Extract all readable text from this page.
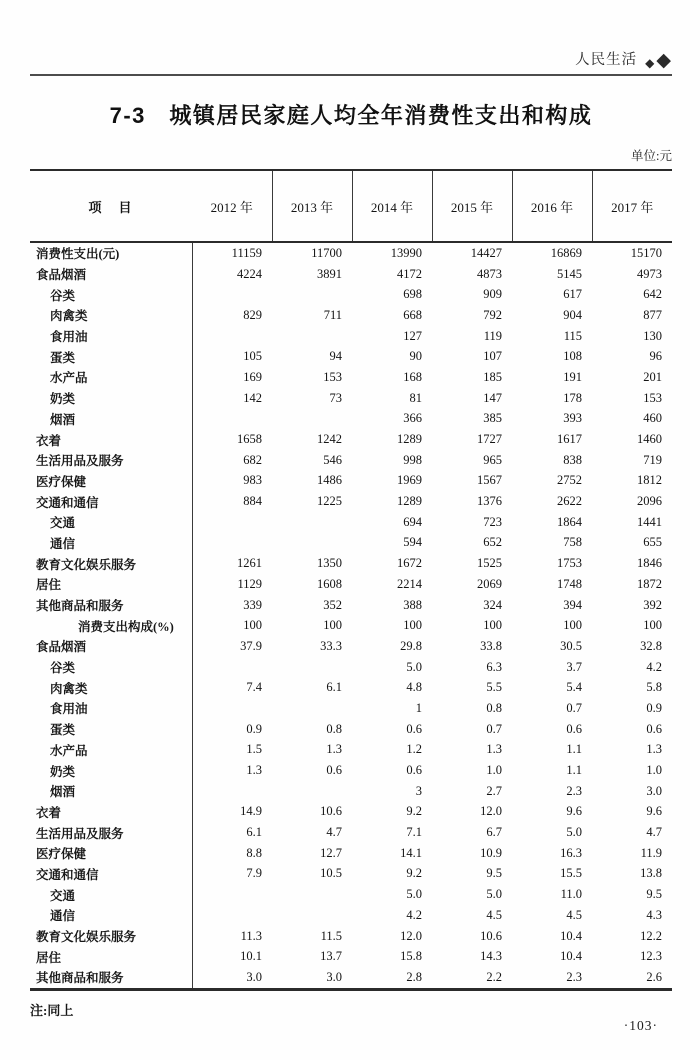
人民生活 ◆ ◆
7-3　城镇居民家庭人均全年消费性支出和构成
单位:元
项　目	2012 年	2013 年	2014 年	2015 年	2016 年	2017 年
消费性支出(元)	11159	11700	13990	14427	16869	15170
食品烟酒	4224	3891	4172	4873	5145	4973
谷类			698	909	617	642
肉禽类	829	711	668	792	904	877
食用油			127	119	115	130
蛋类	105	94	90	107	108	96
水产品	169	153	168	185	191	201
奶类	142	73	81	147	178	153
烟酒			366	385	393	460
衣着	1658	1242	1289	1727	1617	1460
生活用品及服务	682	546	998	965	838	719
医疗保健	983	1486	1969	1567	2752	1812
交通和通信	884	1225	1289	1376	2622	2096
交通			694	723	1864	1441
通信			594	652	758	655
教育文化娱乐服务	1261	1350	1672	1525	1753	1846
居住	1129	1608	2214	2069	1748	1872
其他商品和服务	339	352	388	324	394	392
消费支出构成(%)	100	100	100	100	100	100
食品烟酒	37.9	33.3	29.8	33.8	30.5	32.8
谷类			5.0	6.3	3.7	4.2
肉禽类	7.4	6.1	4.8	5.5	5.4	5.8
食用油			1	0.8	0.7	0.9
蛋类	0.9	0.8	0.6	0.7	0.6	0.6
水产品	1.5	1.3	1.2	1.3	1.1	1.3
奶类	1.3	0.6	0.6	1.0	1.1	1.0
烟酒			3	2.7	2.3	3.0
衣着	14.9	10.6	9.2	12.0	9.6	9.6
生活用品及服务	6.1	4.7	7.1	6.7	5.0	4.7
医疗保健	8.8	12.7	14.1	10.9	16.3	11.9
交通和通信	7.9	10.5	9.2	9.5	15.5	13.8
交通			5.0	5.0	11.0	9.5
通信			4.2	4.5	4.5	4.3
教育文化娱乐服务	11.3	11.5	12.0	10.6	10.4	12.2
居住	10.1	13.7	15.8	14.3	10.4	12.3
其他商品和服务	3.0	3.0	2.8	2.2	2.3	2.6
注:同上
·103·
